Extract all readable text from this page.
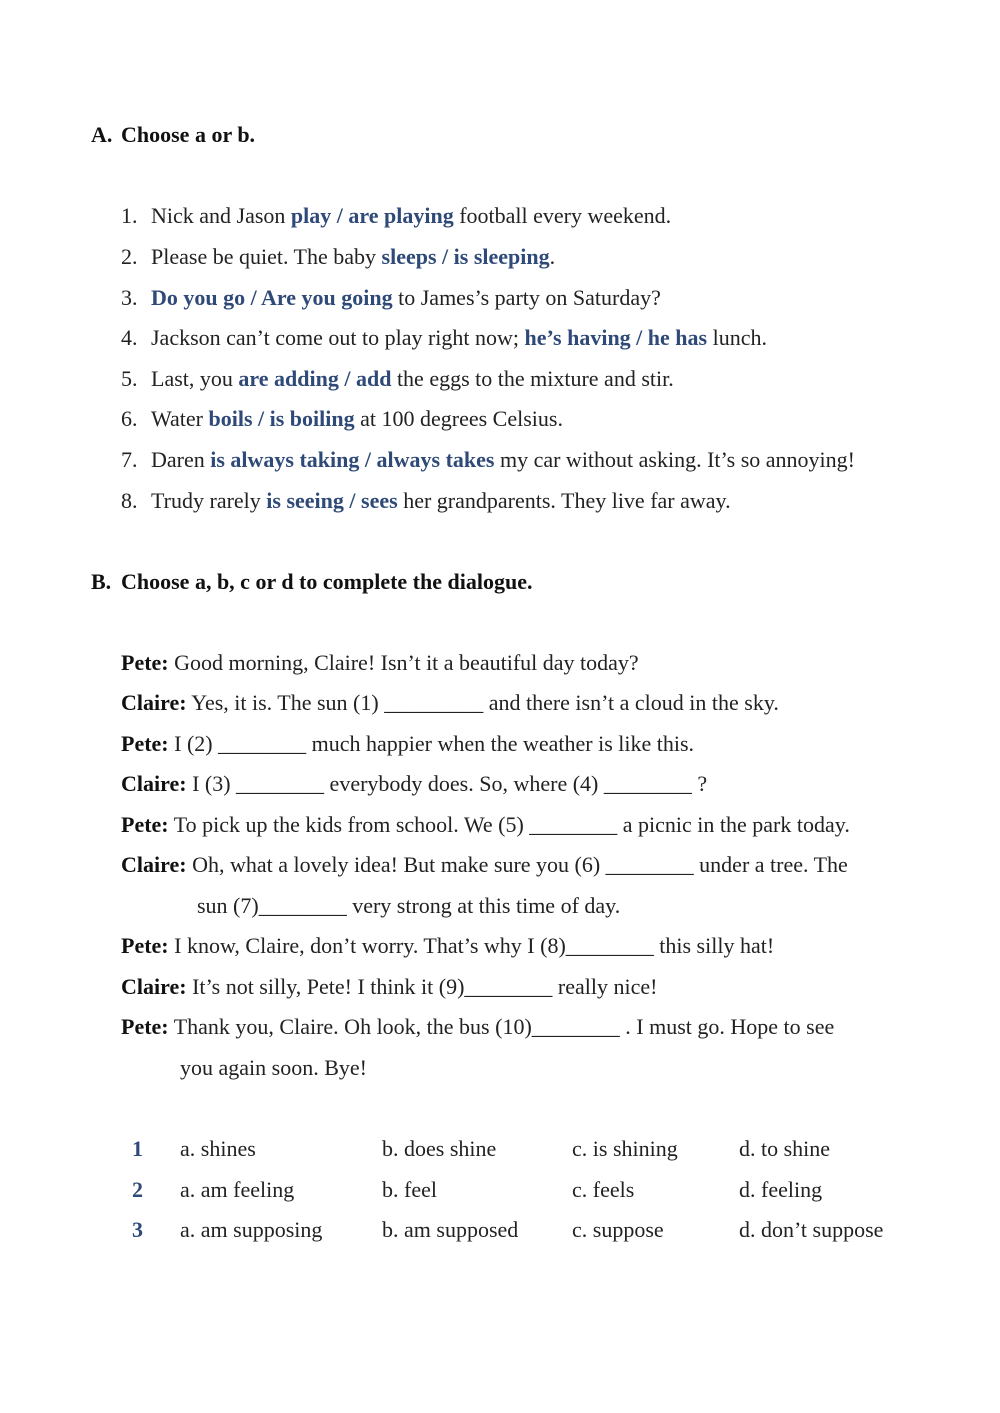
A. Choose a or b.
1. Nick and Jason play / are playing football every weekend.
2. Please be quiet. The baby sleeps / is sleeping.
3. Do you go / Are you going to James’s party on Saturday?
4. Jackson can’t come out to play right now; he’s having / he has lunch.
5. Last, you are adding / add the eggs to the mixture and stir.
6. Water boils / is boiling at 100 degrees Celsius.
7. Daren is always taking / always takes my car without asking. It’s so annoying!
8. Trudy rarely is seeing / sees her grandparents. They live far away.
B. Choose a, b, c or d to complete the dialogue.
Pete: Good morning, Claire! Isn’t it a beautiful day today?
Claire: Yes, it is. The sun (1) _________ and there isn’t a cloud in the sky.
Pete: I (2) ________ much happier when the weather is like this.
Claire: I (3) ________ everybody does. So, where (4) ________ ?
Pete: To pick up the kids from school. We (5) ________ a picnic in the park today.
Claire: Oh, what a lovely idea! But make sure you (6) ________ under a tree. The
sun (7)________ very strong at this time of day.
Pete: I know, Claire, don’t worry. That’s why I (8)________ this silly hat!
Claire: It’s not silly, Pete! I think it (9)________ really nice!
Pete: Thank you, Claire. Oh look, the bus (10)________ . I must go. Hope to see
you again soon. Bye!
1 a. shines	b. does shine	c. is shining	d. to shine
2 a. am feeling	b. feel	c. feels	d. feeling
3 a. am supposing	b. am supposed c. suppose	d. don’t suppose
